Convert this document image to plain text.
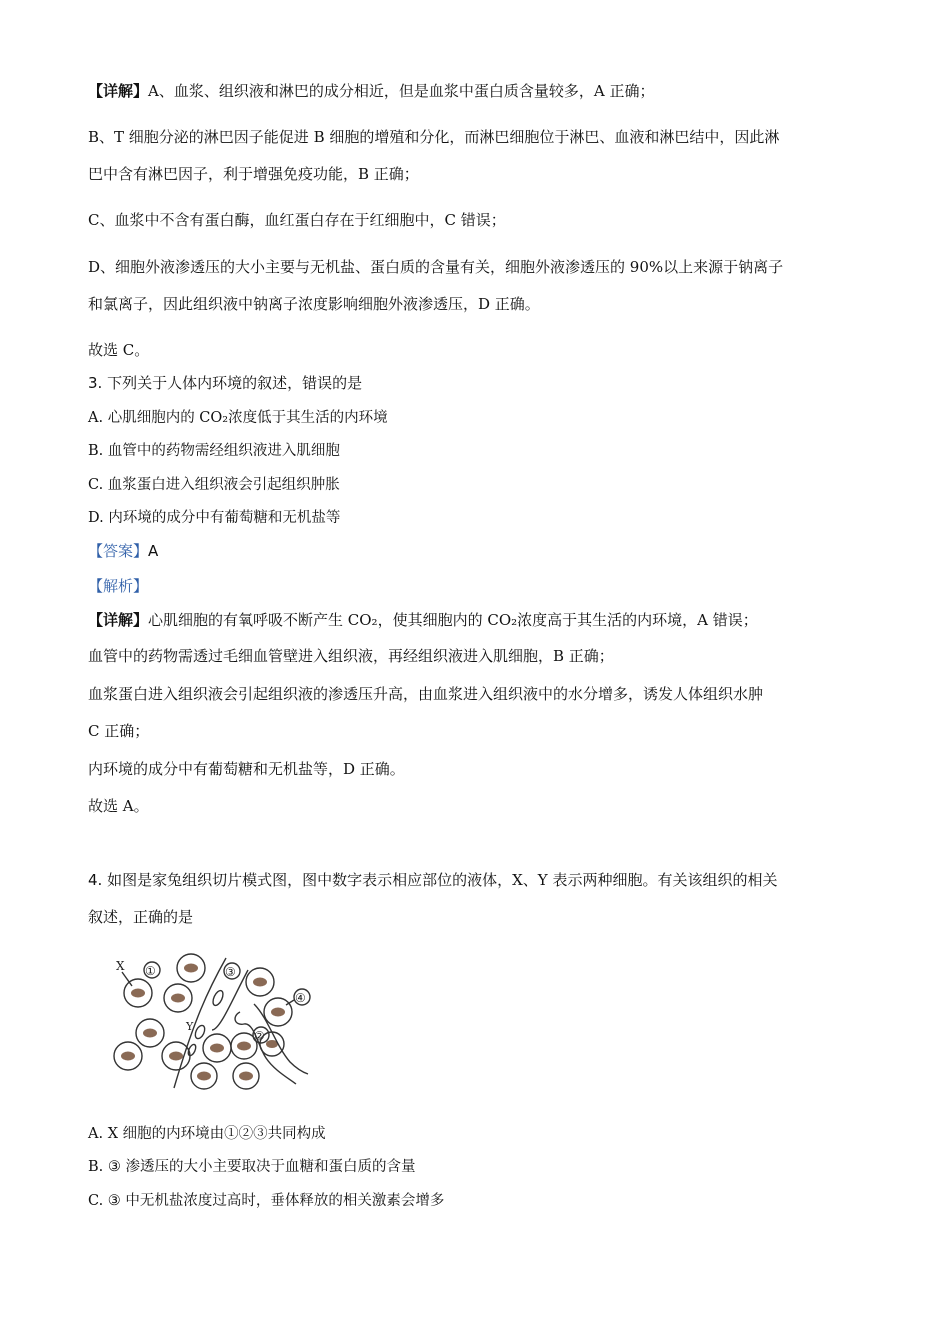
【详解】A、血浆、组织液和淋巴的成分相近，但是血浆中蛋白质含量较多，A 正确；
B、T 细胞分泌的淋巴因子能促进 B 细胞的增殖和分化，而淋巴细胞位于淋巴、血液和淋巴结中，因此淋
巴中含有淋巴因子，利于增强免疫功能，B 正确；
C、血浆中不含有蛋白酶，血红蛋白存在于红细胞中，C 错误；
D、细胞外液渗透压的大小主要与无机盐、蛋白质的含量有关，细胞外液渗透压的 90%以上来源于钠离子
和氯离子，因此组织液中钠离子浓度影响细胞外液渗透压，D 正确。
故选 C。
3. 下列关于人体内环境的叙述，错误的是
A. 心肌细胞内的 CO₂浓度低于其生活的内环境
B. 血管中的药物需经组织液进入肌细胞
C. 血浆蛋白进入组织液会引起组织肿胀
D. 内环境的成分中有葡萄糖和无机盐等
【答案】A
【解析】
【详解】心肌细胞的有氧呼吸不断产生 CO₂，使其细胞内的 CO₂浓度高于其生活的内环境，A 错误；
血管中的药物需透过毛细血管壁进入组织液，再经组织液进入肌细胞，B 正确；
血浆蛋白进入组织液会引起组织液的渗透压升高，由血浆进入组织液中的水分增多，诱发人体组织水肿
C 正确；
内环境的成分中有葡萄糖和无机盐等，D 正确。
故选 A。
4. 如图是家兔组织切片模式图，图中数字表示相应部位的液体，X、Y 表示两种细胞。有关该组织的相关
叙述，正确的是
X
Y
①
②
③
④
A. X 细胞的内环境由①②③共同构成
B. ③ 渗透压的大小主要取决于血糖和蛋白质的含量
C. ③ 中无机盐浓度过高时，垂体释放的相关激素会增多
